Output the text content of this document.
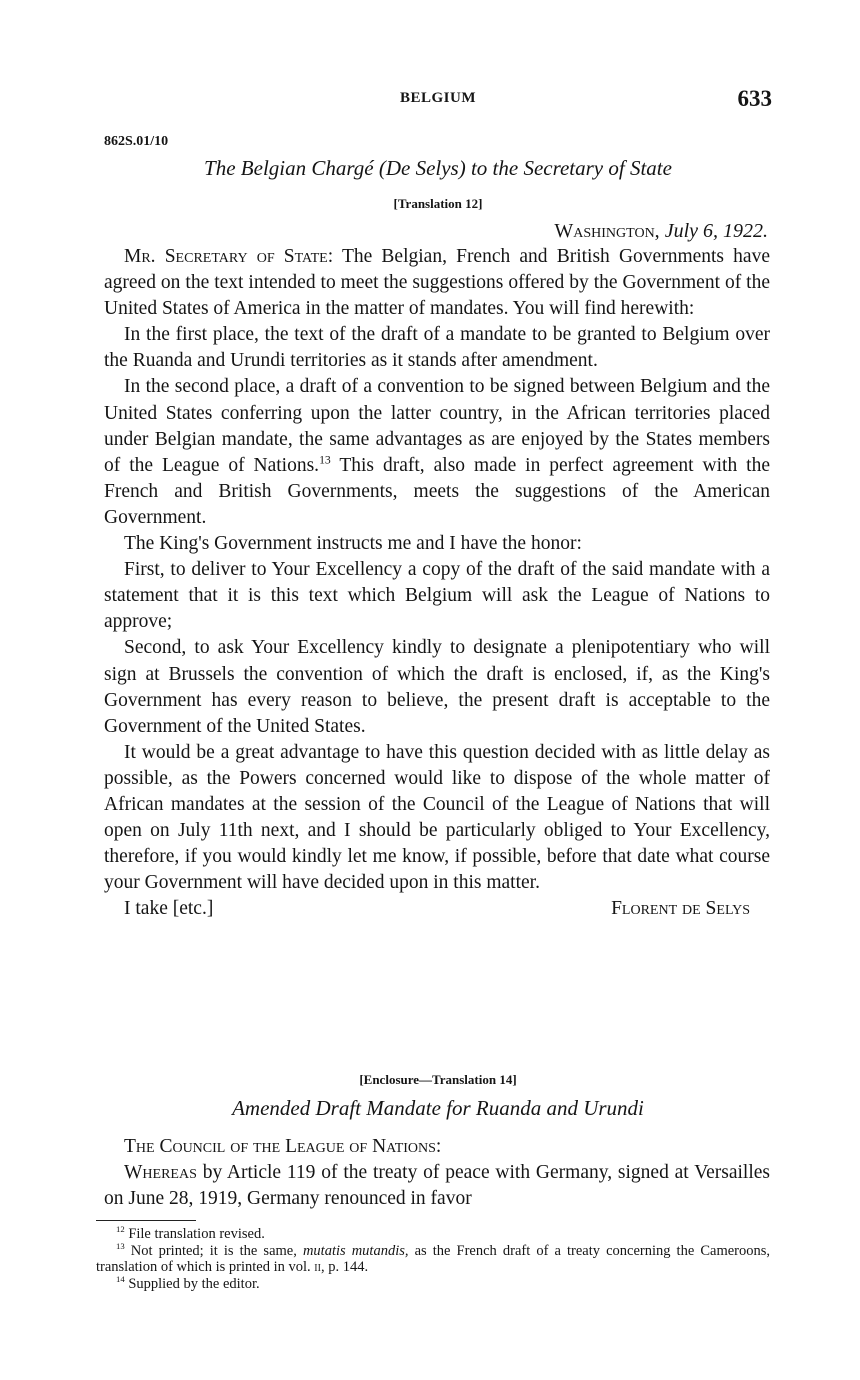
BELGIUM	633
862S.01/10
The Belgian Chargé (De Selys) to the Secretary of State
[Translation 12]
Washington, July 6, 1922.

Mr. Secretary of State: The Belgian, French and British Governments have agreed on the text intended to meet the suggestions offered by the Government of the United States of America in the matter of mandates. You will find herewith:

In the first place, the text of the draft of a mandate to be granted to Belgium over the Ruanda and Urundi territories as it stands after amendment.

In the second place, a draft of a convention to be signed between Belgium and the United States conferring upon the latter country, in the African territories placed under Belgian mandate, the same advantages as are enjoyed by the States members of the League of Nations.$^{13}$ This draft, also made in perfect agreement with the French and British Governments, meets the suggestions of the American Government.

The King's Government instructs me and I have the honor:

First, to deliver to Your Excellency a copy of the draft of the said mandate with a statement that it is this text which Belgium will ask the League of Nations to approve;

Second, to ask Your Excellency kindly to designate a plenipotentiary who will sign at Brussels the convention of which the draft is enclosed, if, as the King's Government has every reason to believe, the present draft is acceptable to the Government of the United States.

It would be a great advantage to have this question decided with as little delay as possible, as the Powers concerned would like to dispose of the whole matter of African mandates at the session of the Council of the League of Nations that will open on July 11th next, and I should be particularly obliged to Your Excellency, therefore, if you would kindly let me know, if possible, before that date what course your Government will have decided upon in this matter.

I take [etc.]	Florent de Selys
[Enclosure—Translation 14]
Amended Draft Mandate for Ruanda and Urundi

The Council of the League of Nations:

Whereas by Article 119 of the treaty of peace with Germany, signed at Versailles on June 28, 1919, Germany renounced in favor

$^{12}$ File translation revised.
$^{13}$ Not printed; it is the same, mutatis mutandis, as the French draft of a treaty concerning the Cameroons, translation of which is printed in vol. ii, p. 144.
$^{14}$ Supplied by the editor.
